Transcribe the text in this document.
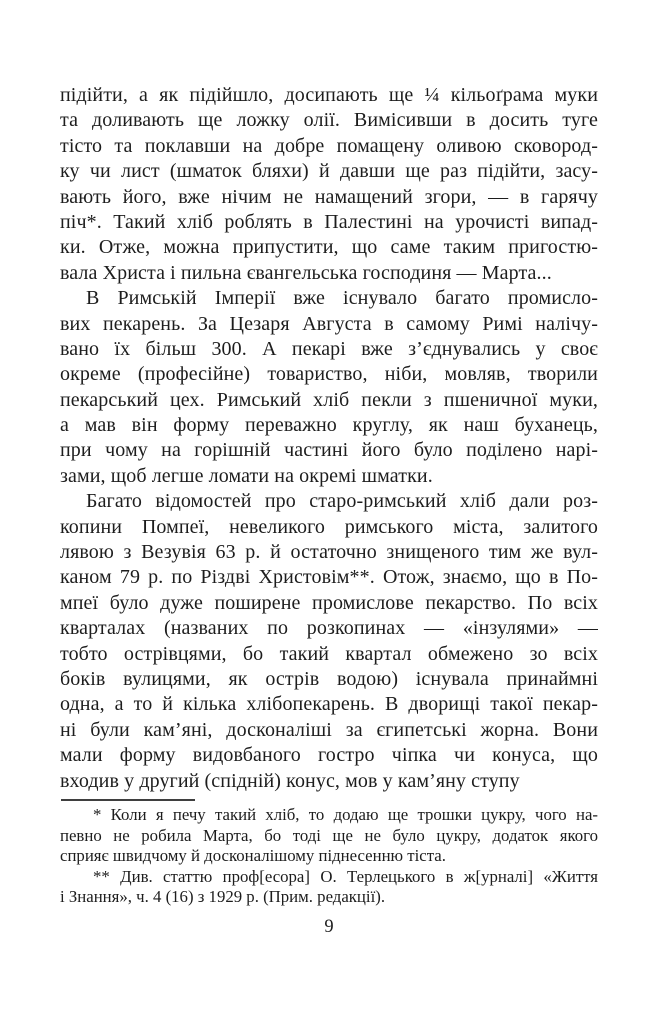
підійти, а як підійшло, досипають ще ¼ кільоґрама муки
та доливають ще ложку олії. Вимісивши в досить туге
тісто та поклавши на добре помащену оливою сковород-
ку чи лист (шматок бляхи) й давши ще раз підійти, засу-
вають його, вже нічим не намащений згори, — в гарячу
піч*. Такий хліб роблять в Палестині на урочисті випад-
ки. Отже, можна припустити, що саме таким пригостю-
вала Христа і пильна євангельська господиня — Марта...
В Римській Імперії вже існувало багато промисло-
вих пекарень. За Цезаря Августа в самому Римі налічу-
вано їх більш 300. А пекарі вже з’єднувались у своє
окреме (професійне) товариство, ніби, мовляв, творили
пекарський цех. Римський хліб пекли з пшеничної муки,
а мав він форму переважно круглу, як наш буханець,
при чому на горішній частині його було поділено нарі-
зами, щоб легше ломати на окремі шматки.
Багато відомостей про старо-римський хліб дали роз-
копини Помпеї, невеликого римського міста, залитого
лявою з Везувія 63 р. й остаточно знищеного тим же вул-
каном 79 р. по Різдві Христовім**. Отож, знаємо, що в По-
мпеї було дуже поширене промислове пекарство. По всіх
кварталах (названих по розкопинах — «інзулями» —
тобто острівцями, бо такий квартал обмежено зо всіх
боків вулицями, як острів водою) існувала принаймні
одна, а то й кілька хлібопекарень. В дворищі такої пекар-
ні були кам’яні, досконаліші за єгипетські жорна. Вони
мали форму видовбаного гостро чіпка чи конуса, що
входив у другий (спідній) конус, мов у кам’яну ступу
* Коли я печу такий хліб, то додаю ще трошки цукру, чого на-
певно не робила Марта, бо тоді ще не було цукру, додаток якого
сприяє швидчому й досконалішому піднесенню тіста.
** Див. статтю проф[есора] О. Терлецького в ж[урналі] «Життя
і Знання», ч. 4 (16) з 1929 р. (Прим. редакції).
9
